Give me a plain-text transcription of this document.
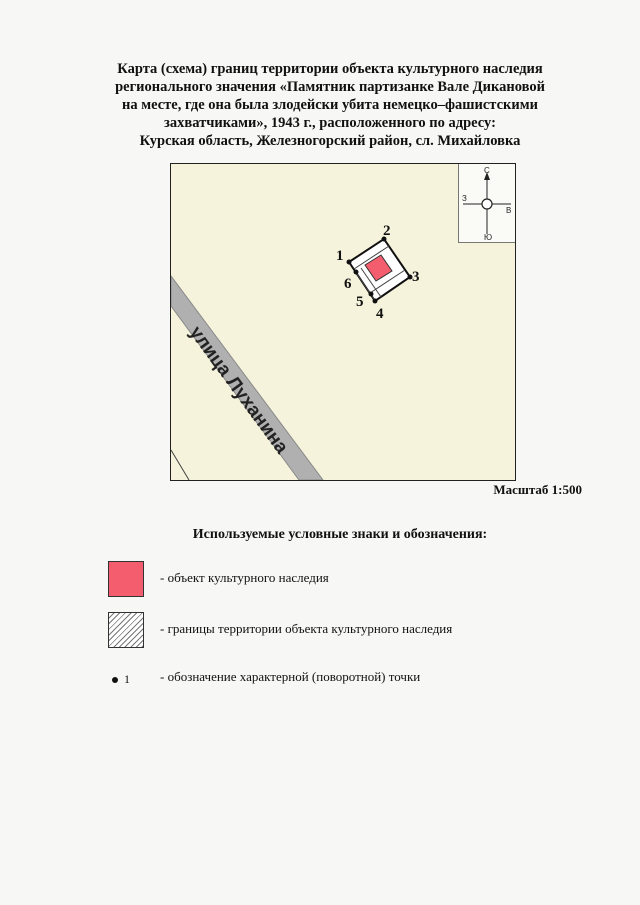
Карта (схема) границ территории объекта культурного наследия
регионального значения «Памятник партизанке Вале Дикановой
на месте, где она была злодейски убита немецко–фашистскими
захватчиками», 1943 г., расположенного по адресу:
Курская область, Железногорский район, сл. Михайловка
улица Луханина
1
2
3
4
5
6
С
Ю
З
В
Масштаб 1:500
Используемые условные знаки и обозначения:
- объект культурного наследия
- границы территории объекта культурного наследия
1 - обозначение характерной (поворотной) точки
